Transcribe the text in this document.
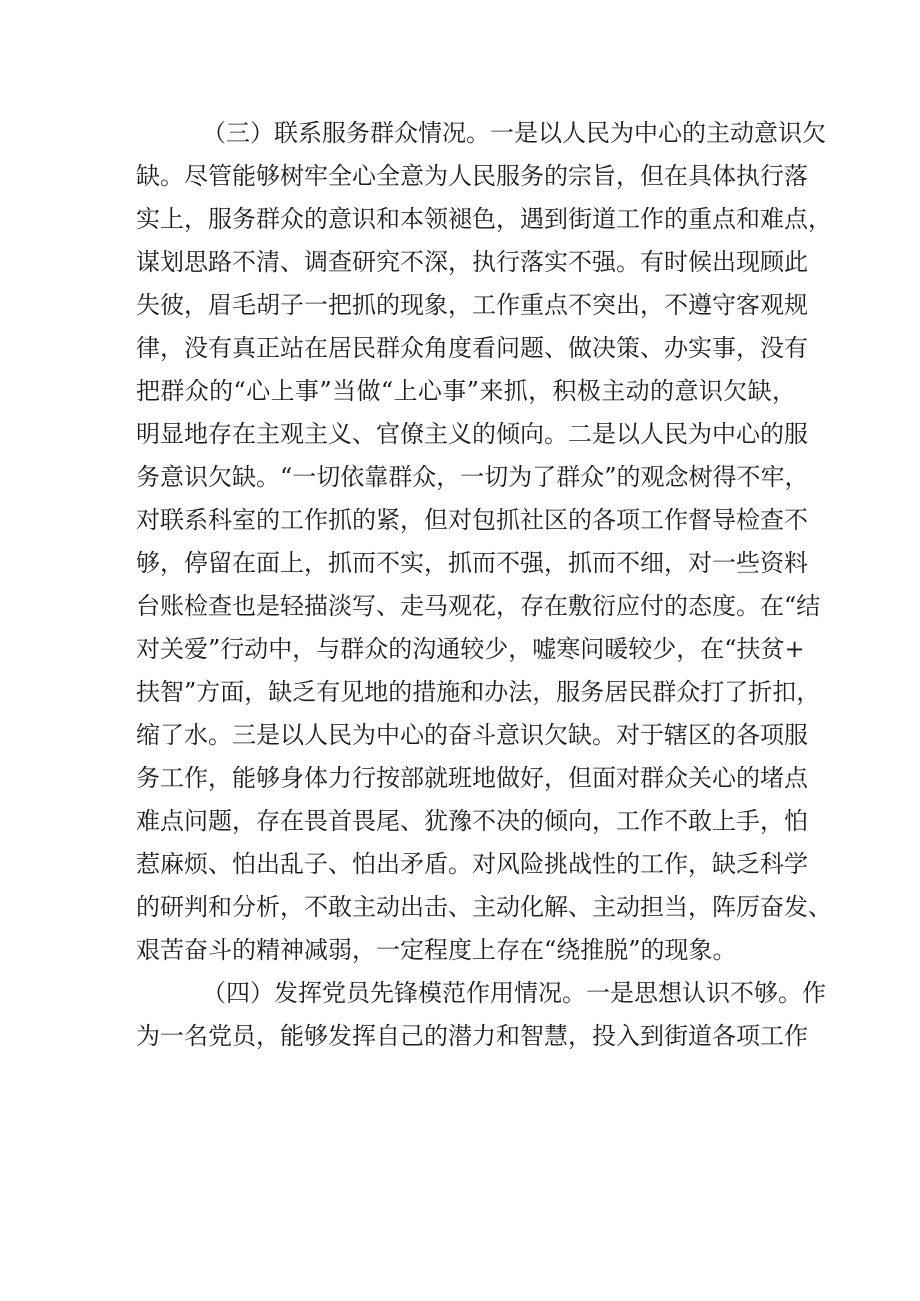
（三）联系服务群众情况。一是以人民为中心的主动意识欠
缺。尽管能够树牢全心全意为人民服务的宗旨，但在具体执行落
实上，服务群众的意识和本领褪色，遇到街道工作的重点和难点，
谋划思路不清、调查研究不深，执行落实不强。有时候出现顾此
失彼，眉毛胡子一把抓的现象，工作重点不突出，不遵守客观规
律，没有真正站在居民群众角度看问题、做决策、办实事，没有
把群众的“心上事”当做“上心事”来抓，积极主动的意识欠缺，
明显地存在主观主义、官僚主义的倾向。二是以人民为中心的服
务意识欠缺。“一切依靠群众，一切为了群众”的观念树得不牢，
对联系科室的工作抓的紧，但对包抓社区的各项工作督导检查不
够，停留在面上，抓而不实，抓而不强，抓而不细，对一些资料
台账检查也是轻描淡写、走马观花，存在敷衍应付的态度。在“结
对关爱”行动中，与群众的沟通较少，嘘寒问暖较少，在“扶贫+
扶智”方面，缺乏有见地的措施和办法，服务居民群众打了折扣，
缩了水。三是以人民为中心的奋斗意识欠缺。对于辖区的各项服
务工作，能够身体力行按部就班地做好，但面对群众关心的堵点
难点问题，存在畏首畏尾、犹豫不决的倾向，工作不敢上手，怕
惹麻烦、怕出乱子、怕出矛盾。对风险挑战性的工作，缺乏科学
的研判和分析，不敢主动出击、主动化解、主动担当，阵厉奋发、
艰苦奋斗的精神减弱，一定程度上存在“绕推脱”的现象。
（四）发挥党员先锋模范作用情况。一是思想认识不够。作
为一名党员，能够发挥自己的潜力和智慧，投入到街道各项工作
